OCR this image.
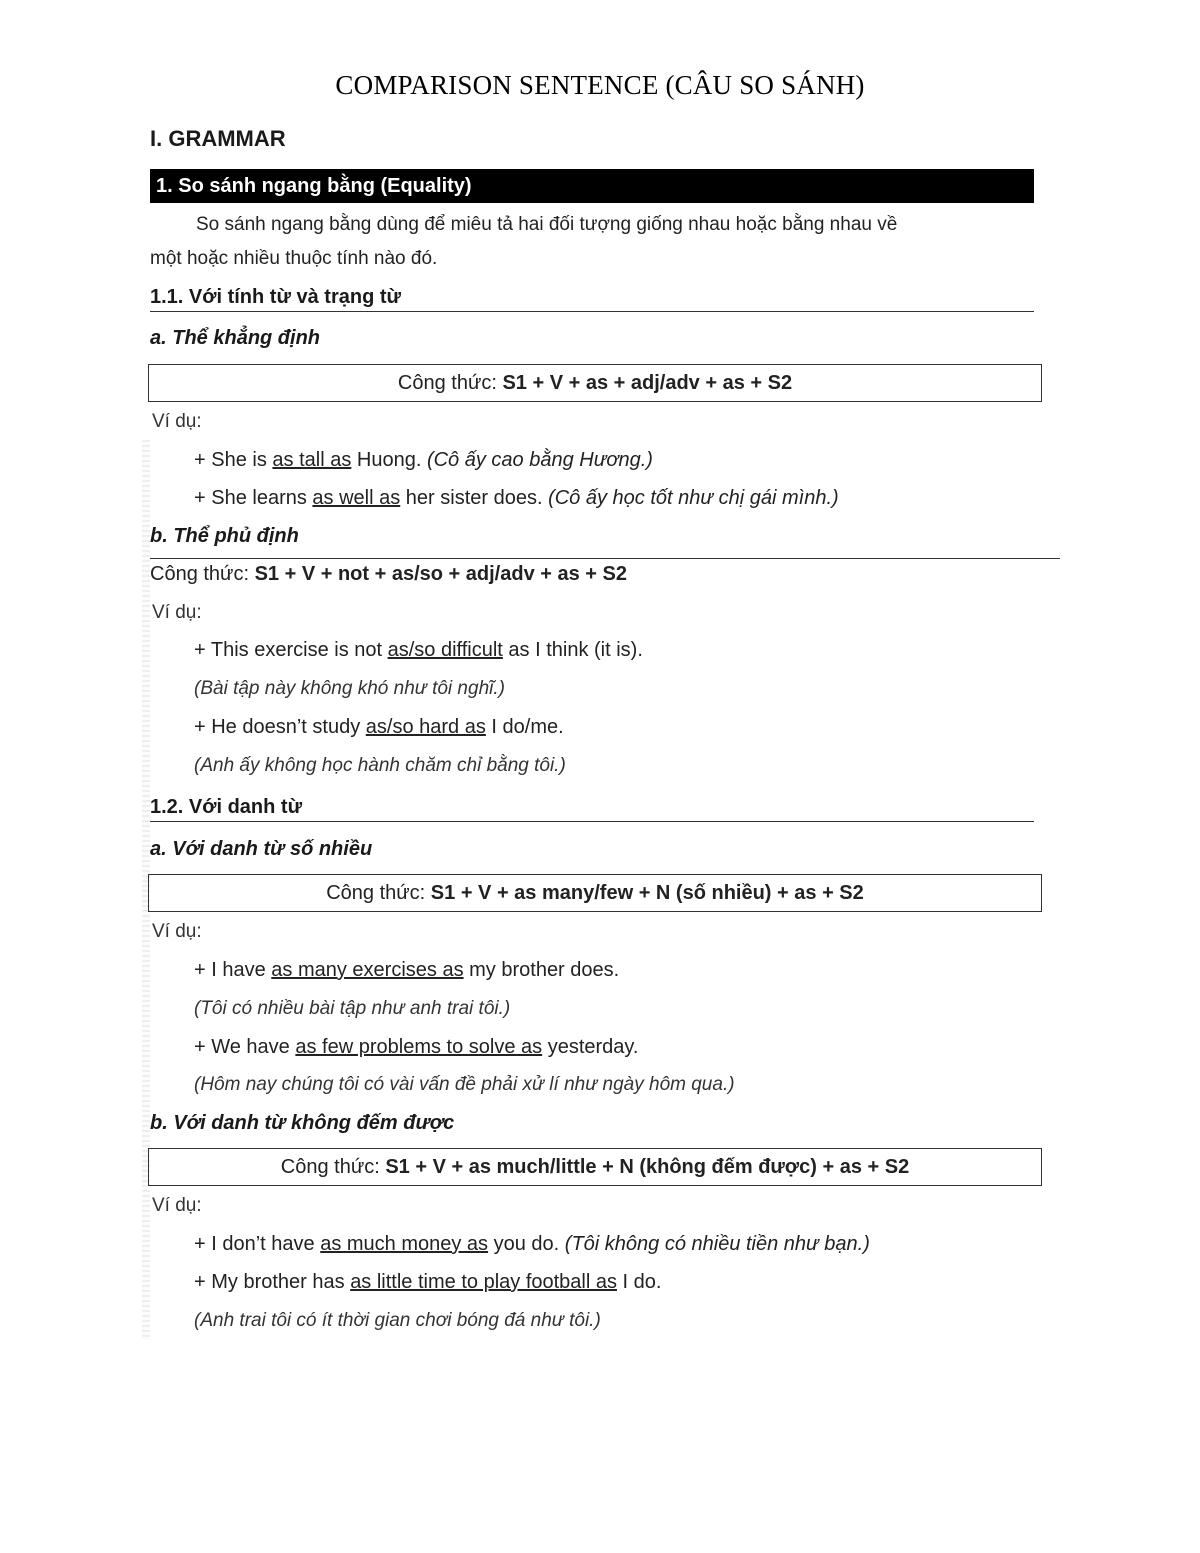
COMPARISON SENTENCE (CÂU SO SÁNH)
I. GRAMMAR
1. So sánh ngang bằng (Equality)
So sánh ngang bằng dùng để miêu tả hai đối tượng giống nhau hoặc bằng nhau về
một hoặc nhiều thuộc tính nào đó.
1.1. Với tính từ và trạng từ
a. Thể khẳng định
Công thức: S1 + V + as + adj/adv + as + S2
Ví dụ:
+ She is as tall as Huong. (Cô ấy cao bằng Hương.)
+ She learns as well as her sister does. (Cô ấy học tốt như chị gái mình.)
b. Thể phủ định
Công thức: S1 + V + not + as/so + adj/adv + as + S2
Ví dụ:
+ This exercise is not as/so difficult as I think (it is).
(Bài tập này không khó như tôi nghĩ.)
+ He doesn’t study as/so hard as I do/me.
(Anh ấy không học hành chăm chỉ bằng tôi.)
1.2. Với danh từ
a. Với danh từ số nhiều
Công thức: S1 + V + as many/few + N (số nhiều) + as + S2
Ví dụ:
+ I have as many exercises as my brother does.
(Tôi có nhiều bài tập như anh trai tôi.)
+ We have as few problems to solve as yesterday.
(Hôm nay chúng tôi có vài vấn đề phải xử lí như ngày hôm qua.)
b. Với danh từ không đếm được
Công thức: S1 + V + as much/little + N (không đếm được) + as + S2
Ví dụ:
+ I don’t have as much money as you do. (Tôi không có nhiều tiền như bạn.)
+ My brother has as little time to play football as I do.
(Anh trai tôi có ít thời gian chơi bóng đá như tôi.)
